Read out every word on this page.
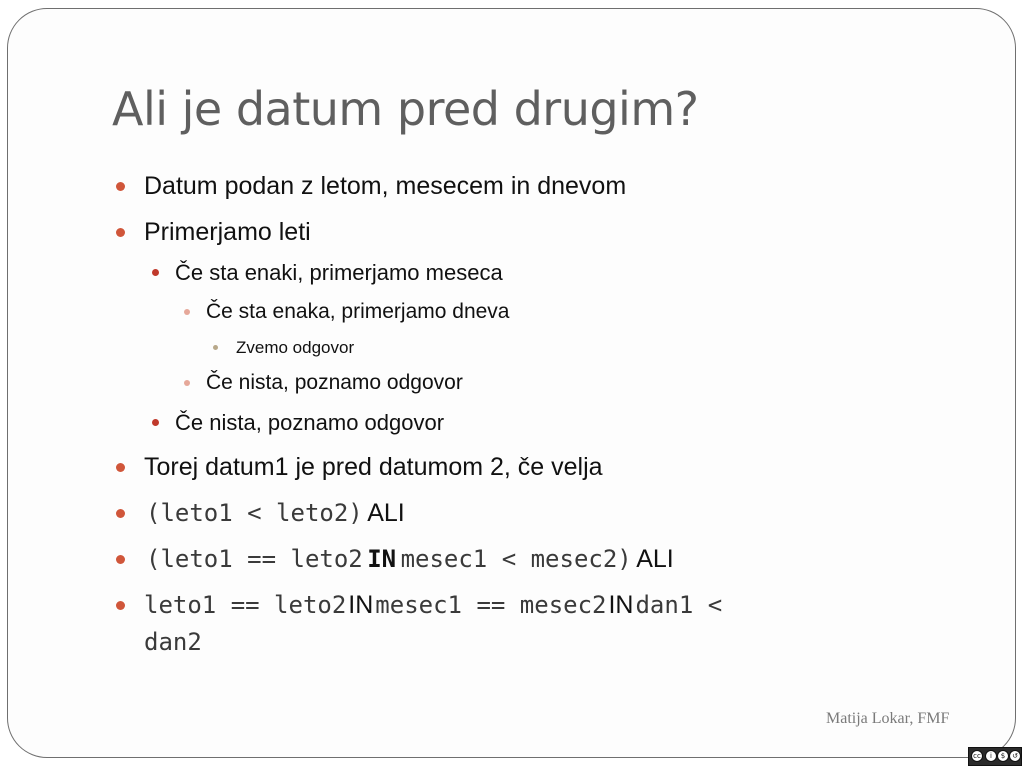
Ali je datum pred drugim?
Datum podan z letom, mesecem in dnevom
Primerjamo leti
Če sta enaki, primerjamo meseca
Če sta enaka, primerjamo dneva
Zvemo odgovor
Če nista, poznamo odgovor
Če nista, poznamo odgovor
Torej datum1 je pred datumom 2, če velja
(leto1 < leto2) ALI
(leto1 == leto2 IN mesec1 < mesec2) ALI
leto1 == leto2INmesec1 == mesec2INdan1 <
dan2
Matija Lokar, FMF
cc	i	$ ↺
